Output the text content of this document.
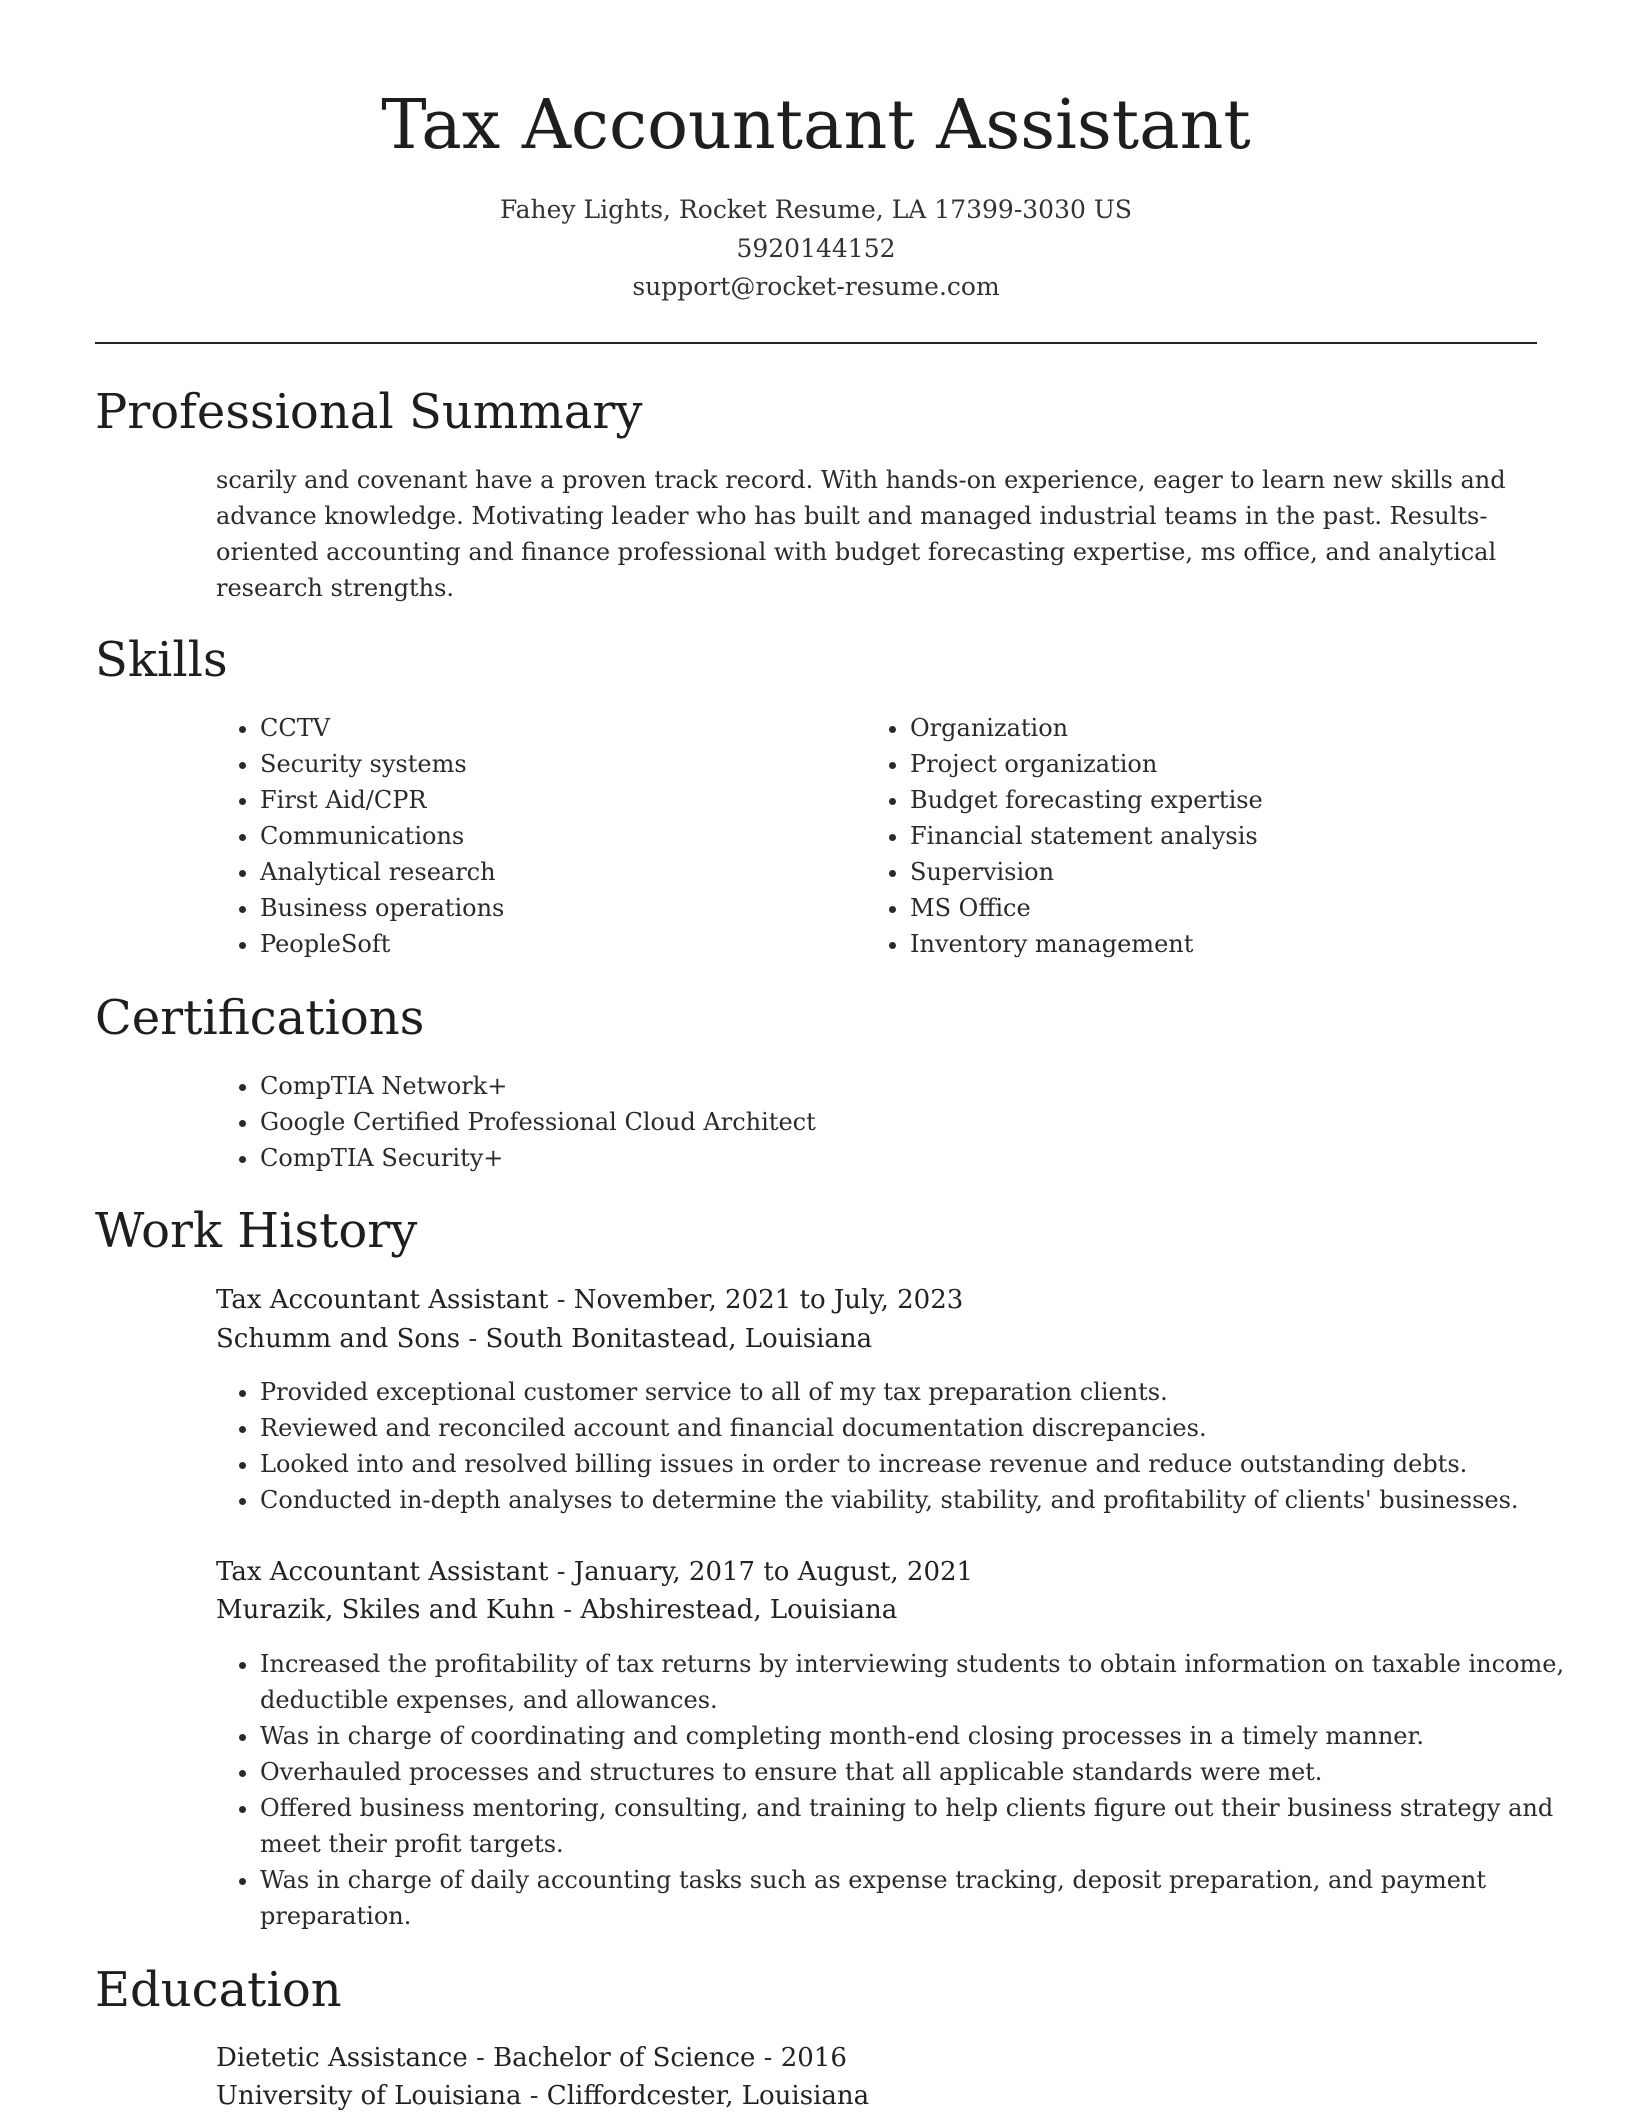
Tax Accountant Assistant
Fahey Lights, Rocket Resume, LA 17399-3030 US
5920144152
support@rocket-resume.com
Professional Summary

scarily and covenant have a proven track record. With hands-on experience, eager to learn new skills and advance knowledge. Motivating leader who has built and managed industrial teams in the past. Results-oriented accounting and finance professional with budget forecasting expertise, ms office, and analytical research strengths.

Skills
• CCTV
• Security systems
• First Aid/CPR
• Communications
• Analytical research
• Business operations
• PeopleSoft
• Organization
• Project organization
• Budget forecasting expertise
• Financial statement analysis
• Supervision
• MS Office
• Inventory management
Certifications
• CompTIA Network+
• Google Certified Professional Cloud Architect
• CompTIA Security+
Work History
Tax Accountant Assistant - November, 2021 to July, 2023
Schumm and Sons - South Bonitastead, Louisiana
• Provided exceptional customer service to all of my tax preparation clients.
• Reviewed and reconciled account and financial documentation discrepancies.
• Looked into and resolved billing issues in order to increase revenue and reduce outstanding debts.
• Conducted in-depth analyses to determine the viability, stability, and profitability of clients' businesses.
Tax Accountant Assistant - January, 2017 to August, 2021
Murazik, Skiles and Kuhn - Abshirestead, Louisiana
• Increased the profitability of tax returns by interviewing students to obtain information on taxable income, deductible expenses, and allowances.
• Was in charge of coordinating and completing month-end closing processes in a timely manner.
• Overhauled processes and structures to ensure that all applicable standards were met.
• Offered business mentoring, consulting, and training to help clients figure out their business strategy and meet their profit targets.
• Was in charge of daily accounting tasks such as expense tracking, deposit preparation, and payment preparation.
Education
Dietetic Assistance - Bachelor of Science - 2016
University of Louisiana - Cliffordcester, Louisiana
